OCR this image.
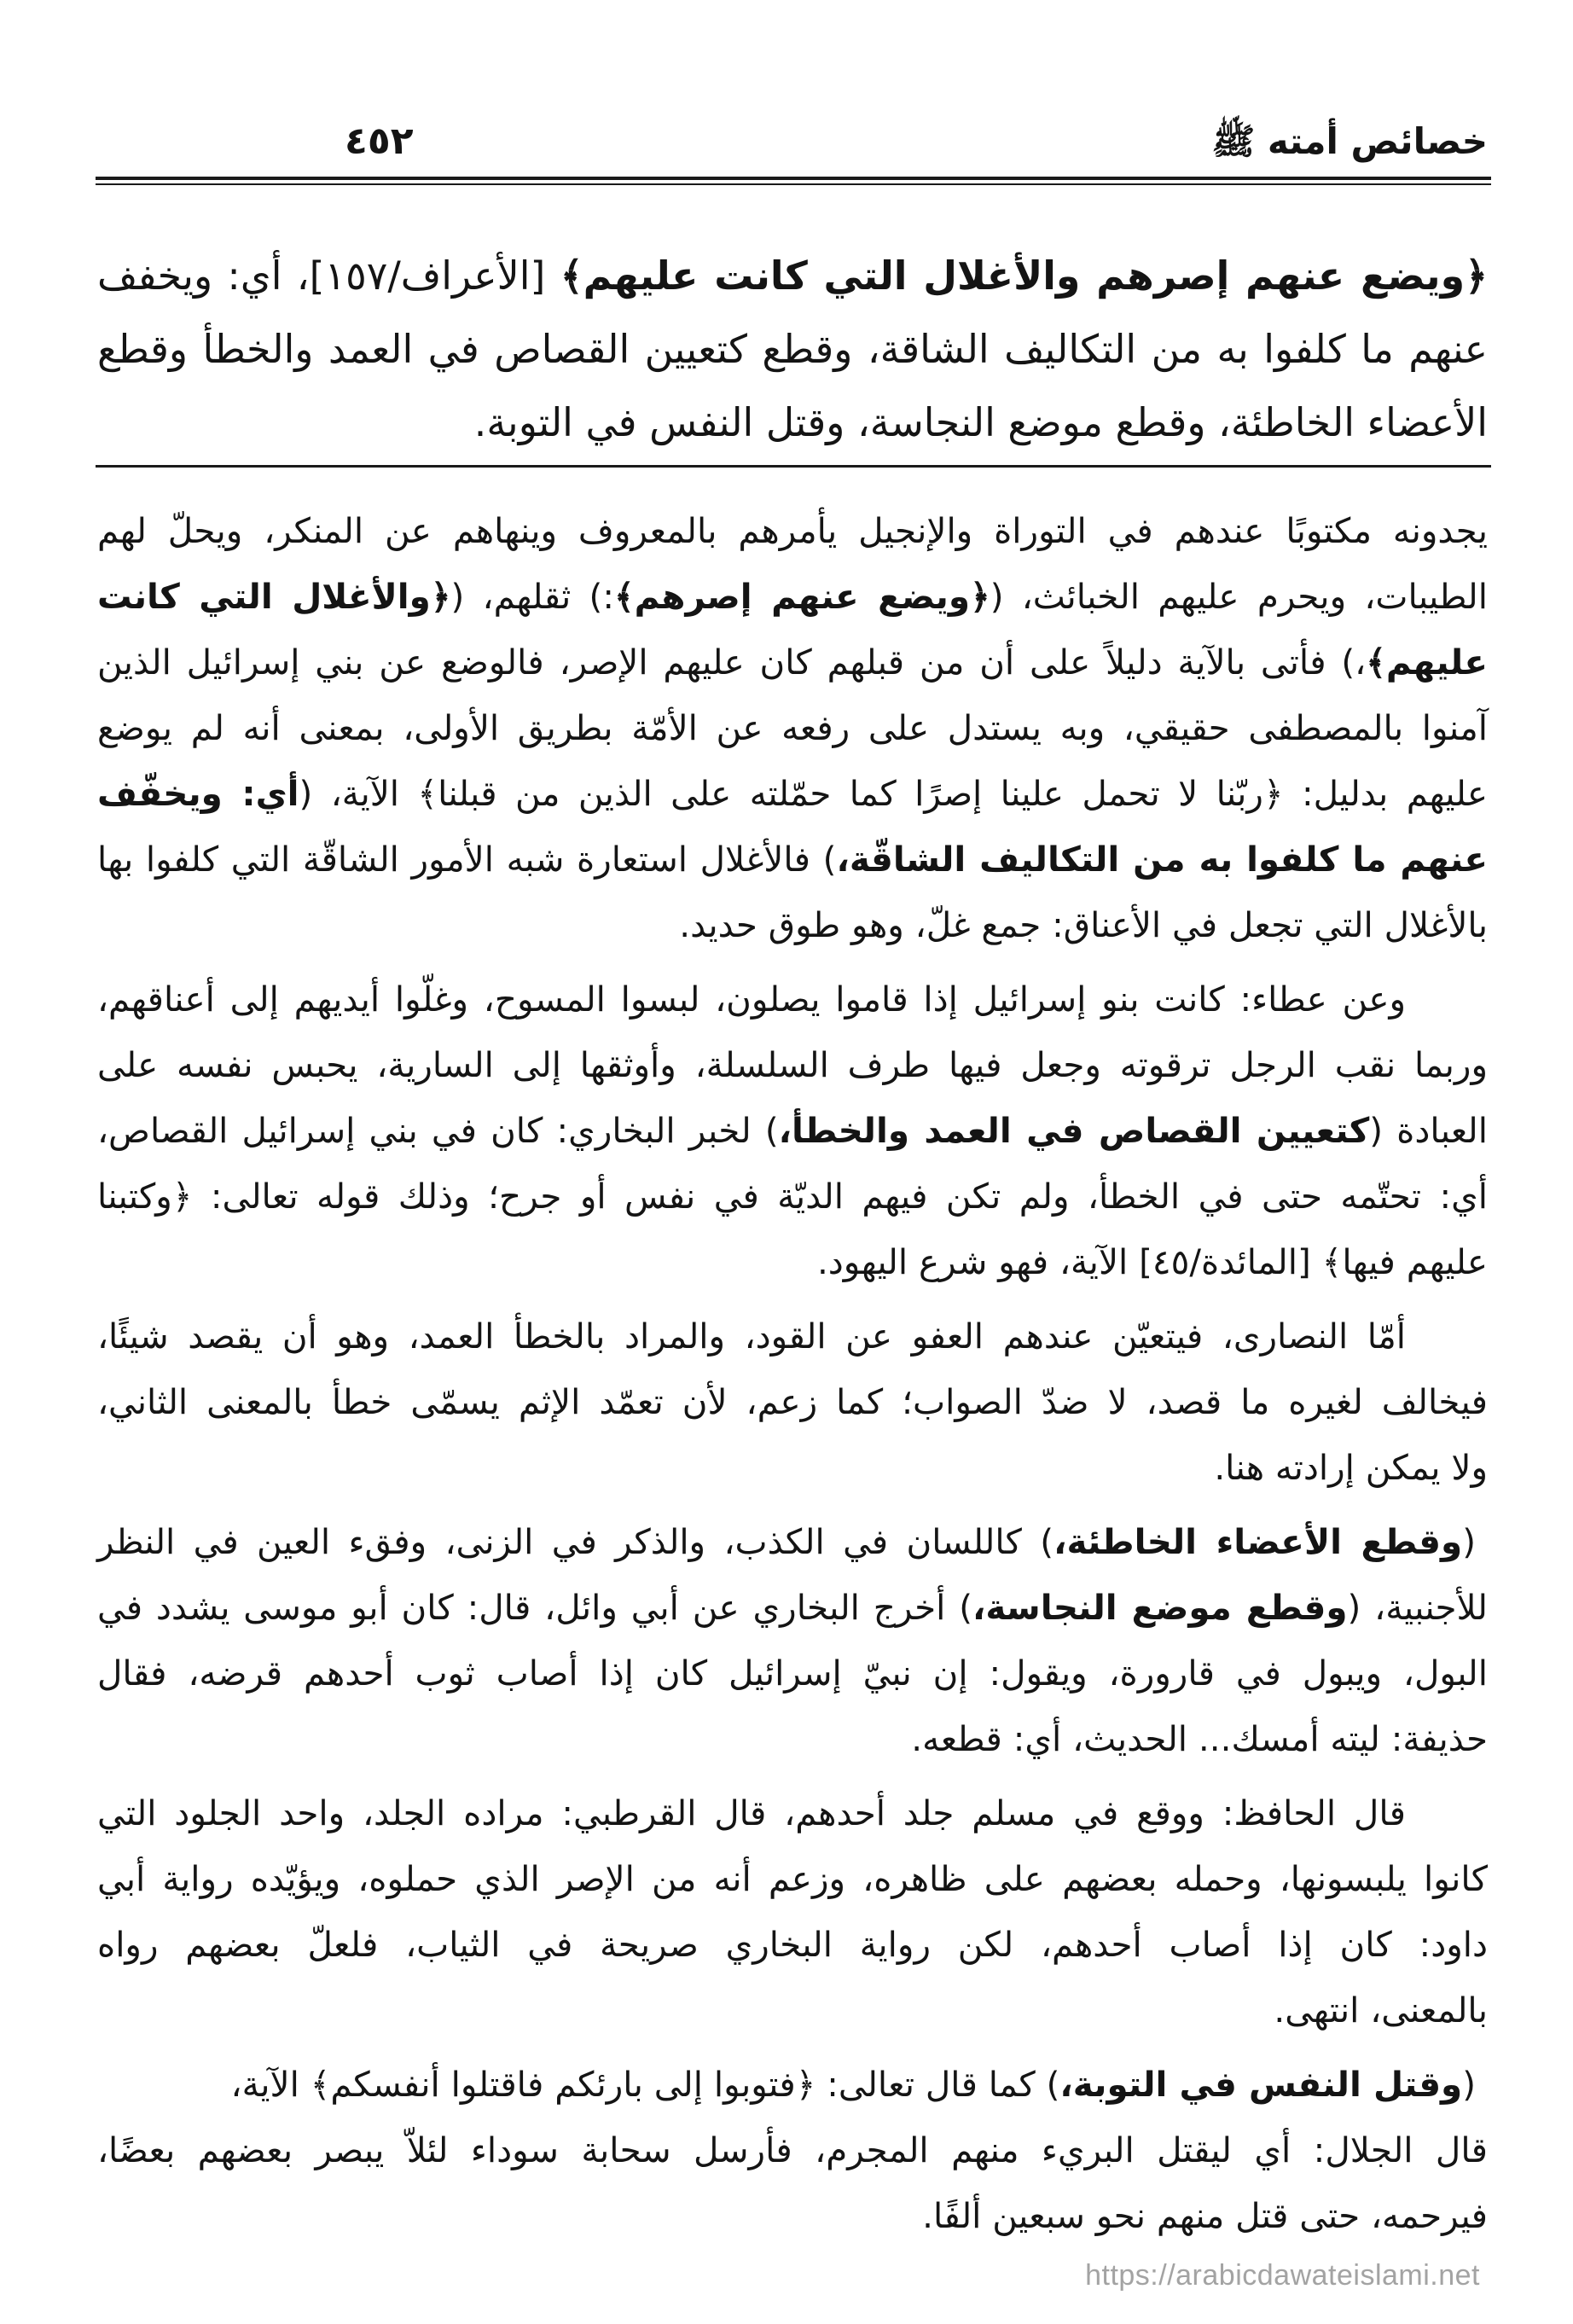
خصائص أمته ﷺ
٤٥٢
﴿ويضع عنهم إصرهم والأغلال التي كانت عليهم﴾ [الأعراف/١٥٧]، أي: ويخفف
عنهم ما كلفوا به من التكاليف الشاقة، وقطع كتعيين القصاص في العمد والخطأ وقطع
الأعضاء الخاطئة، وقطع موضع النجاسة، وقتل النفس في التوبة.
يجدونه مكتوبًا عندهم في التوراة والإنجيل يأمرهم بالمعروف وينهاهم عن المنكر، ويحلّ لهم
الطيبات، ويحرم عليهم الخبائث، (﴿ويضع عنهم إصرهم﴾:) ثقلهم، (﴿والأغلال التي كانت
عليهم﴾،) فأتى بالآية دليلاً على أن من قبلهم كان عليهم الإصر، فالوضع عن بني إسرائيل الذين
آمنوا بالمصطفى حقيقي، وبه يستدل على رفعه عن الأمّة بطريق الأولى، بمعنى أنه لم يوضع
عليهم بدليل: ﴿ربّنا لا تحمل علينا إصرًا كما حمّلته على الذين من قبلنا﴾ الآية، (أي: ويخفّف
عنهم ما كلفوا به من التكاليف الشاقّة،) فالأغلال استعارة شبه الأمور الشاقّة التي كلفوا بها
بالأغلال التي تجعل في الأعناق: جمع غلّ، وهو طوق حديد.
وعن عطاء: كانت بنو إسرائيل إذا قاموا يصلون، لبسوا المسوح، وغلّوا أيديهم إلى أعناقهم،
وربما نقب الرجل ترقوته وجعل فيها طرف السلسلة، وأوثقها إلى السارية، يحبس نفسه على
العبادة (كتعيين القصاص في العمد والخطأ،) لخبر البخاري: كان في بني إسرائيل القصاص،
أي: تحتّمه حتى في الخطأ، ولم تكن فيهم الديّة في نفس أو جرح؛ وذلك قوله تعالى: ﴿وكتبنا
عليهم فيها﴾ [المائدة/٤٥] الآية، فهو شرع اليهود.
أمّا النصارى، فيتعيّن عندهم العفو عن القود، والمراد بالخطأ العمد، وهو أن يقصد شيئًا،
فيخالف لغيره ما قصد، لا ضدّ الصواب؛ كما زعم، لأن تعمّد الإثم يسمّى خطأ بالمعنى الثاني،
ولا يمكن إرادته هنا.
(وقطع الأعضاء الخاطئة،) كاللسان في الكذب، والذكر في الزنى، وفقء العين في النظر
للأجنبية، (وقطع موضع النجاسة،) أخرج البخاري عن أبي وائل، قال: كان أبو موسى يشدد في
البول، ويبول في قارورة، ويقول: إن نبيّ إسرائيل كان إذا أصاب ثوب أحدهم قرضه، فقال
حذيفة: ليته أمسك... الحديث، أي: قطعه.
قال الحافظ: ووقع في مسلم جلد أحدهم، قال القرطبي: مراده الجلد، واحد الجلود التي
كانوا يلبسونها، وحمله بعضهم على ظاهره، وزعم أنه من الإصر الذي حملوه، ويؤيّده رواية أبي
داود: كان إذا أصاب أحدهم، لكن رواية البخاري صريحة في الثياب، فلعلّ بعضهم رواه
بالمعنى، انتهى.
(وقتل النفس في التوبة،) كما قال تعالى: ﴿فتوبوا إلى بارئكم فاقتلوا أنفسكم﴾ الآية،
قال الجلال: أي ليقتل البريء منهم المجرم، فأرسل سحابة سوداء لئلاّ يبصر بعضهم بعضًا،
فيرحمه، حتى قتل منهم نحو سبعين ألفًا.
https://arabicdawateislami.net
